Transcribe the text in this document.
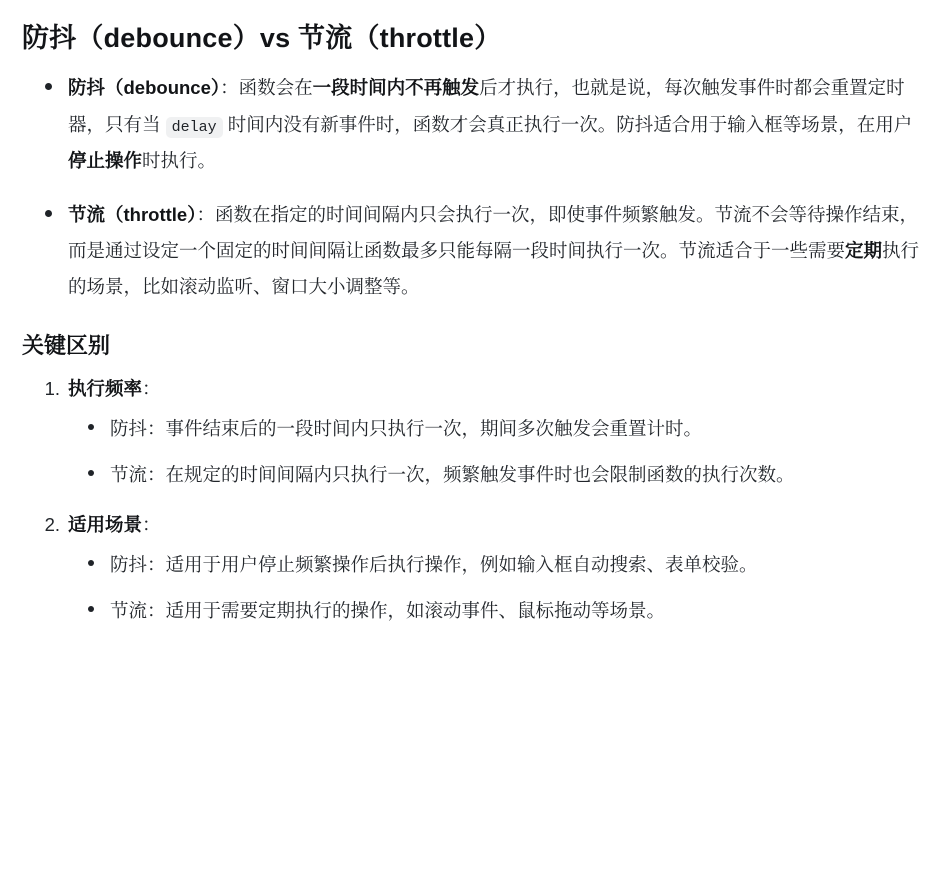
防抖（debounce）vs 节流（throttle）
防抖（debounce）：函数会在一段时间内不再触发后才执行，也就是说，每次触发事件时都会重置定时器，只有当 delay 时间内没有新事件时，函数才会真正执行一次。防抖适合用于输入框等场景，在用户停止操作时执行。
节流（throttle）：函数在指定的时间间隔内只会执行一次，即使事件频繁触发。节流不会等待操作结束，而是通过设定一个固定的时间间隔让函数最多只能每隔一段时间执行一次。节流适合于一些需要定期执行的场景，比如滚动监听、窗口大小调整等。
关键区别
1. 执行频率：
防抖：事件结束后的一段时间内只执行一次，期间多次触发会重置计时。
节流：在规定的时间间隔内只执行一次，频繁触发事件时也会限制函数的执行次数。
2. 适用场景：
防抖：适用于用户停止频繁操作后执行操作，例如输入框自动搜索、表单校验。
节流：适用于需要定期执行的操作，如滚动事件、鼠标拖动等场景。
